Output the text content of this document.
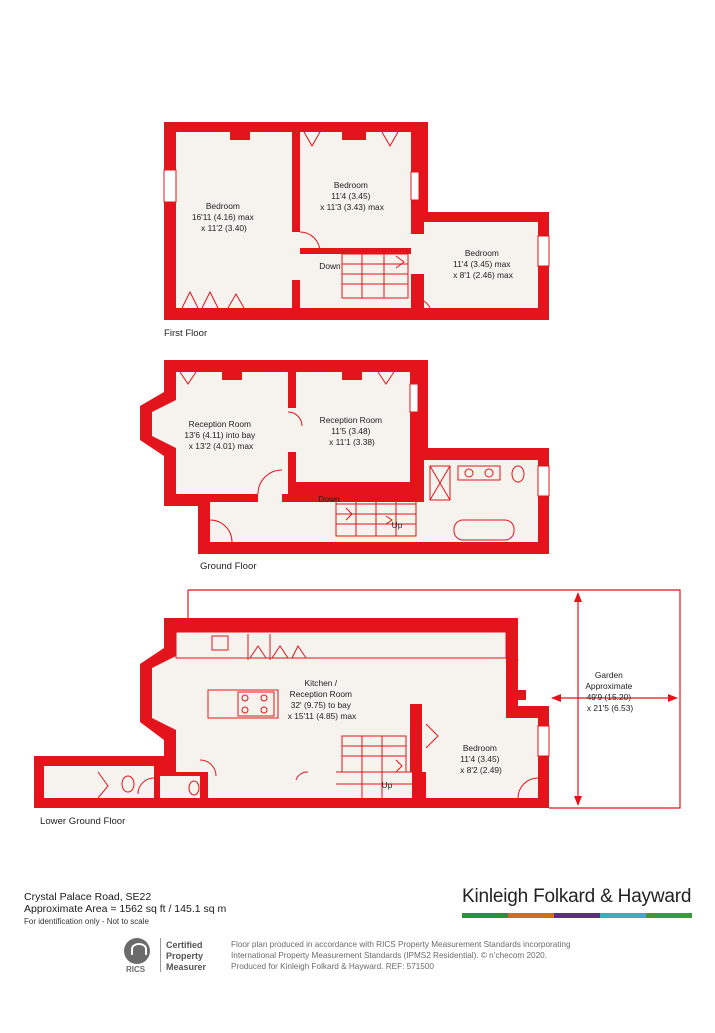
Bedroom 16'11 (4.16) max x 11'2 (3.40)
Bedroom 11'4 (3.45) x 11'3 (3.43) max
Bedroom 11'4 (3.45) max x 8'1 (2.46) max
Down
First Floor
Reception Room 13'6 (4.11) into bay x 13'2 (4.01) max
Reception Room 11'5 (3.48) x 11'1 (3.38)
Down
Up
Ground Floor
Kitchen / Reception Room 32' (9.75) to bay x 15'11 (4.85) max
Bedroom 11'4 (3.45) x 8'2 (2.49)
Up
Garden Approximate 49'9 (15.20) x 21'5 (6.53)
Lower Ground Floor
Crystal Palace Road, SE22
Approximate Area = 1562 sq ft / 145.1 sq m
For identification only - Not to scale
Kinleigh Folkard & Hayward
RICS
Certified
Property
Measurer
Floor plan produced in accordance with RICS Property Measurement Standards incorporating
International Property Measurement Standards (IPMS2 Residential). © n’checom 2020.
Produced for Kinleigh Folkard & Hayward. REF: 571500
